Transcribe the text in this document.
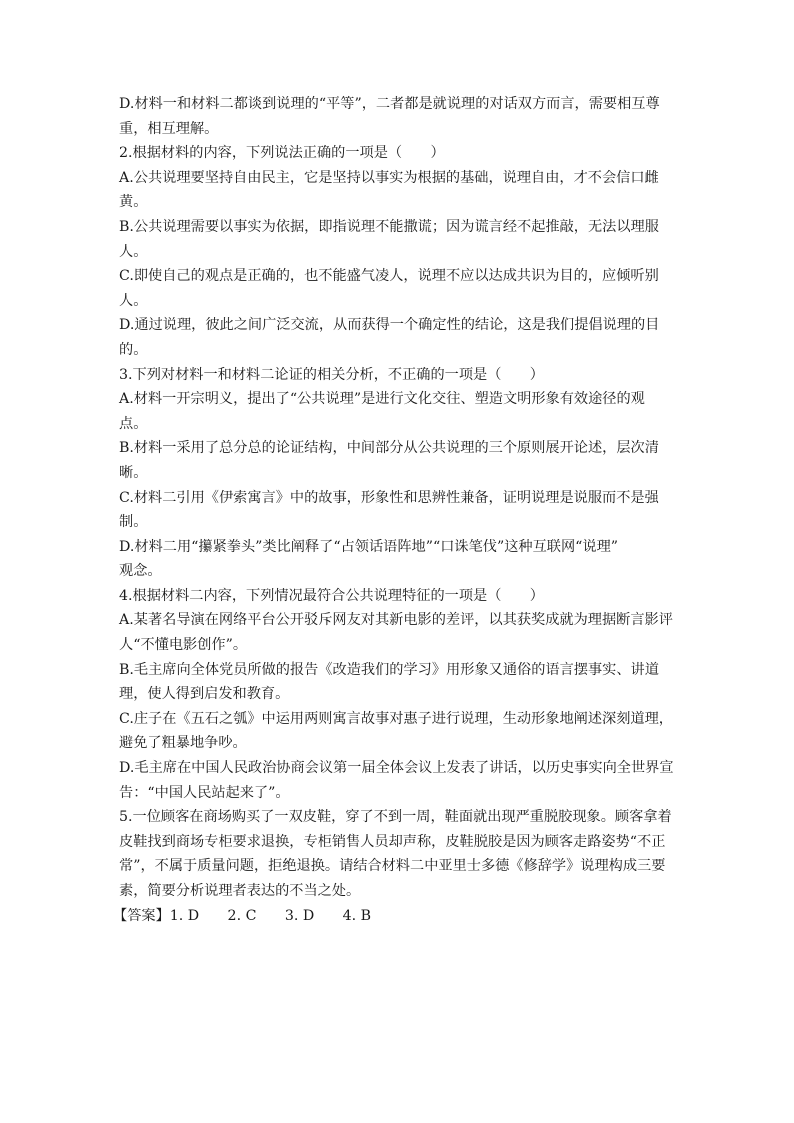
D.材料一和材料二都谈到说理的“平等”，二者都是就说理的对话双方而言，需要相互尊
重，相互理解。
2.根据材料的内容，下列说法正确的一项是（　　）
A.公共说理要坚持自由民主，它是坚持以事实为根据的基础，说理自由，才不会信口雌
黄。
B.公共说理需要以事实为依据，即指说理不能撒谎；因为谎言经不起推敲，无法以理服
人。
C.即使自己的观点是正确的，也不能盛气凌人，说理不应以达成共识为目的，应倾听别
人。
D.通过说理，彼此之间广泛交流，从而获得一个确定性的结论，这是我们提倡说理的目
的。
3.下列对材料一和材料二论证的相关分析，不正确的一项是（　　）
A.材料一开宗明义，提出了“公共说理”是进行文化交往、塑造文明形象有效途径的观
点。
B.材料一采用了总分总的论证结构，中间部分从公共说理的三个原则展开论述，层次清
晰。
C.材料二引用《伊索寓言》中的故事，形象性和思辨性兼备，证明说理是说服而不是强
制。
D.材料二用“攥紧拳头”类比阐释了“占领话语阵地”“口诛笔伐”这种互联网“说理”
观念。
4.根据材料二内容，下列情况最符合公共说理特征的一项是（　　）
A.某著名导演在网络平台公开驳斥网友对其新电影的差评，以其获奖成就为理据断言影评
人“不懂电影创作”。
B.毛主席向全体党员所做的报告《改造我们的学习》用形象又通俗的语言摆事实、讲道
理，使人得到启发和教育。
C.庄子在《五石之瓠》中运用两则寓言故事对惠子进行说理，生动形象地阐述深刻道理，
避免了粗暴地争吵。
D.毛主席在中国人民政治协商会议第一届全体会议上发表了讲话，以历史事实向全世界宣
告：“中国人民站起来了”。
5.一位顾客在商场购买了一双皮鞋，穿了不到一周，鞋面就出现严重脱胶现象。顾客拿着
皮鞋找到商场专柜要求退换，专柜销售人员却声称，皮鞋脱胶是因为顾客走路姿势“不正
常”，不属于质量问题，拒绝退换。请结合材料二中亚里士多德《修辞学》说理构成三要
素，简要分析说理者表达的不当之处。
【答案】1. D　　2. C　　3. D　　4. B
